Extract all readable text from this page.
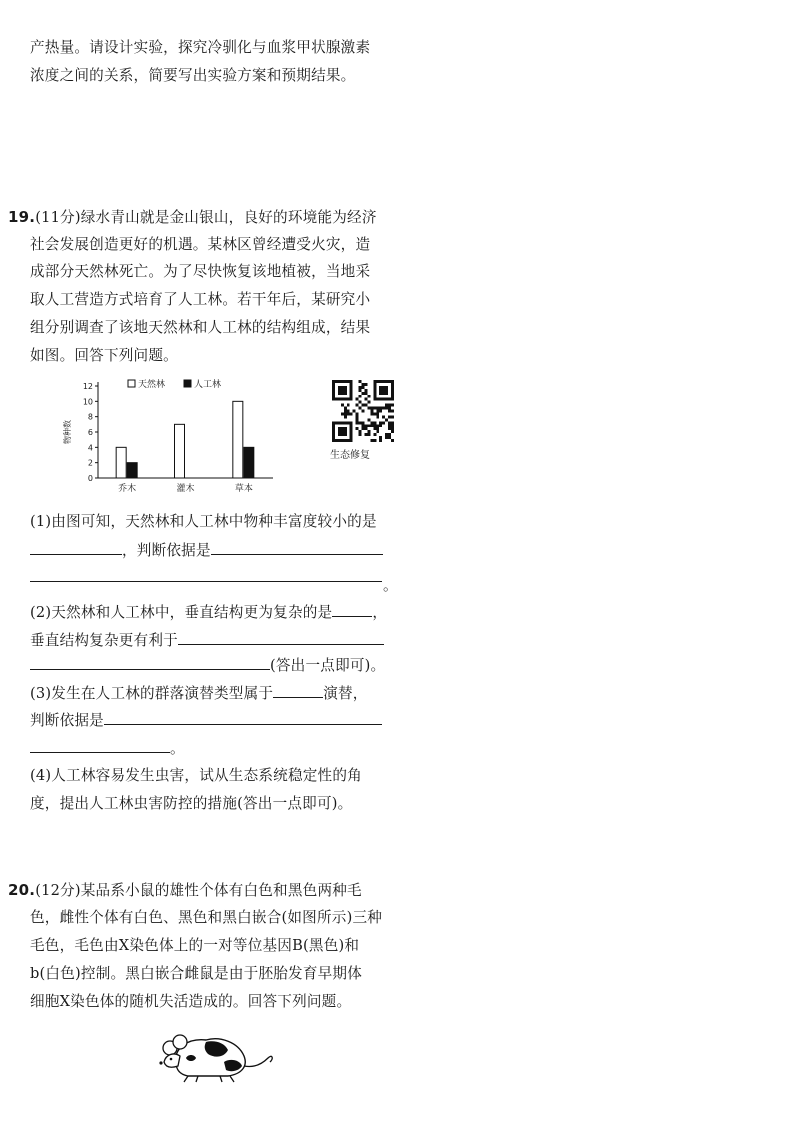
产热量。请设计实验，探究冷驯化与血浆甲状腺激素
浓度之间的关系，简要写出实验方案和预期结果。
19.(11分)绿水青山就是金山银山，良好的环境能为经济
社会发展创造更好的机遇。某林区曾经遭受火灾，造
成部分天然林死亡。为了尽快恢复该地植被，当地采
取人工营造方式培育了人工林。若干年后，某研究小
组分别调查了该地天然林和人工林的结构组成，结果
如图。回答下列问题。
(1)由图可知，天然林和人工林中物种丰富度较小的是
，判断依据是
。
(2)天然林和人工林中，垂直结构更为复杂的是	，
垂直结构复杂更有利于
(答出一点即可)。
(3)发生在人工林的群落演替类型属于	演替，
判断依据是
。
(4)人工林容易发生虫害，试从生态系统稳定性的角
度，提出人工林虫害防控的措施(答出一点即可)。
20.(12分)某品系小鼠的雄性个体有白色和黑色两种毛
色，雌性个体有白色、黑色和黑白嵌合(如图所示)三种
毛色，毛色由X染色体上的一对等位基因B(黑色)和
b(白色)控制。黑白嵌合雌鼠是由于胚胎发育早期体
细胞X染色体的随机失活造成的。回答下列问题。
0
2
4
6
8
10
12
物种数
乔木	灌木	草本
天然林	人工林
生态修复
